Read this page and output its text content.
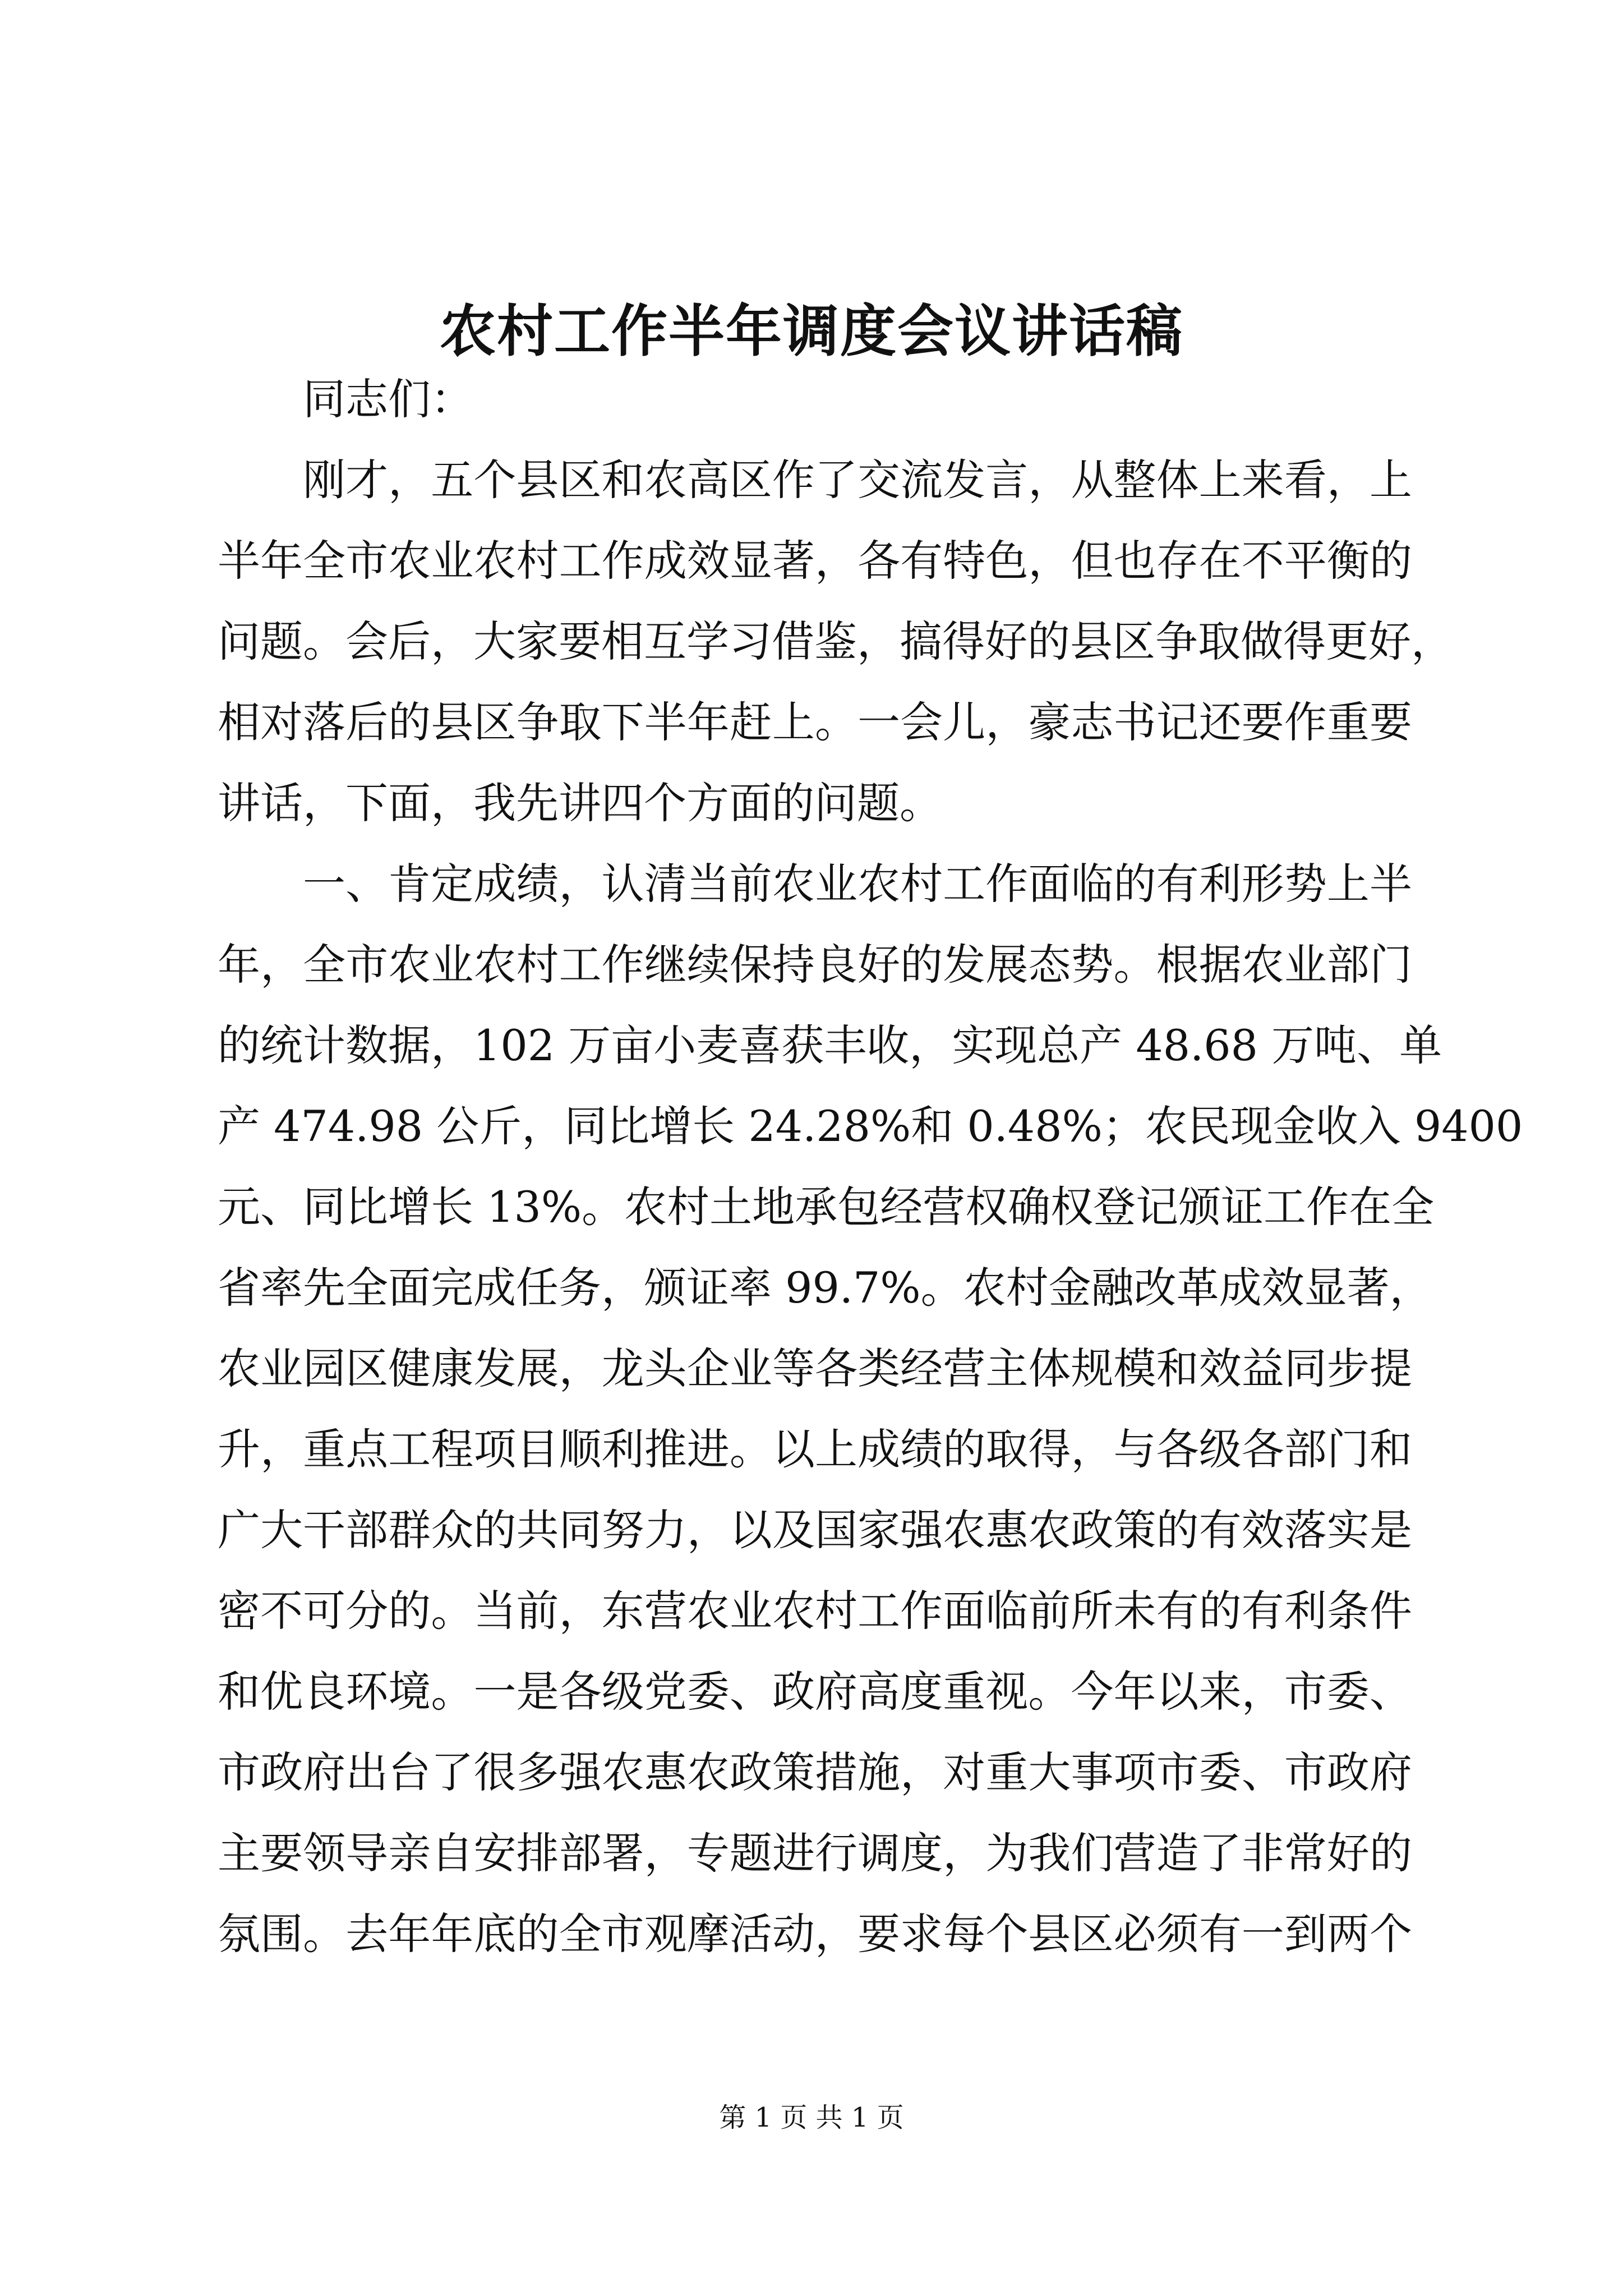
农村工作半年调度会议讲话稿
同志们：
刚才，五个县区和农高区作了交流发言，从整体上来看，上
半年全市农业农村工作成效显著，各有特色，但也存在不平衡的
问题。会后，大家要相互学习借鉴，搞得好的县区争取做得更好，
相对落后的县区争取下半年赶上。一会儿，豪志书记还要作重要
讲话，下面，我先讲四个方面的问题。
一、肯定成绩，认清当前农业农村工作面临的有利形势上半
年，全市农业农村工作继续保持良好的发展态势。根据农业部门
的统计数据，102 万亩小麦喜获丰收，实现总产 48.68 万吨、单
产 474.98 公斤，同比增长 24.28%和 0.48%；农民现金收入 9400
元、同比增长 13%。农村土地承包经营权确权登记颁证工作在全
省率先全面完成任务，颁证率 99.7%。农村金融改革成效显著，
农业园区健康发展，龙头企业等各类经营主体规模和效益同步提
升，重点工程项目顺利推进。以上成绩的取得，与各级各部门和
广大干部群众的共同努力，以及国家强农惠农政策的有效落实是
密不可分的。当前，东营农业农村工作面临前所未有的有利条件
和优良环境。一是各级党委、政府高度重视。今年以来，市委、
市政府出台了很多强农惠农政策措施，对重大事项市委、市政府
主要领导亲自安排部署，专题进行调度，为我们营造了非常好的
氛围。去年年底的全市观摩活动，要求每个县区必须有一到两个
第 1 页 共 1 页
